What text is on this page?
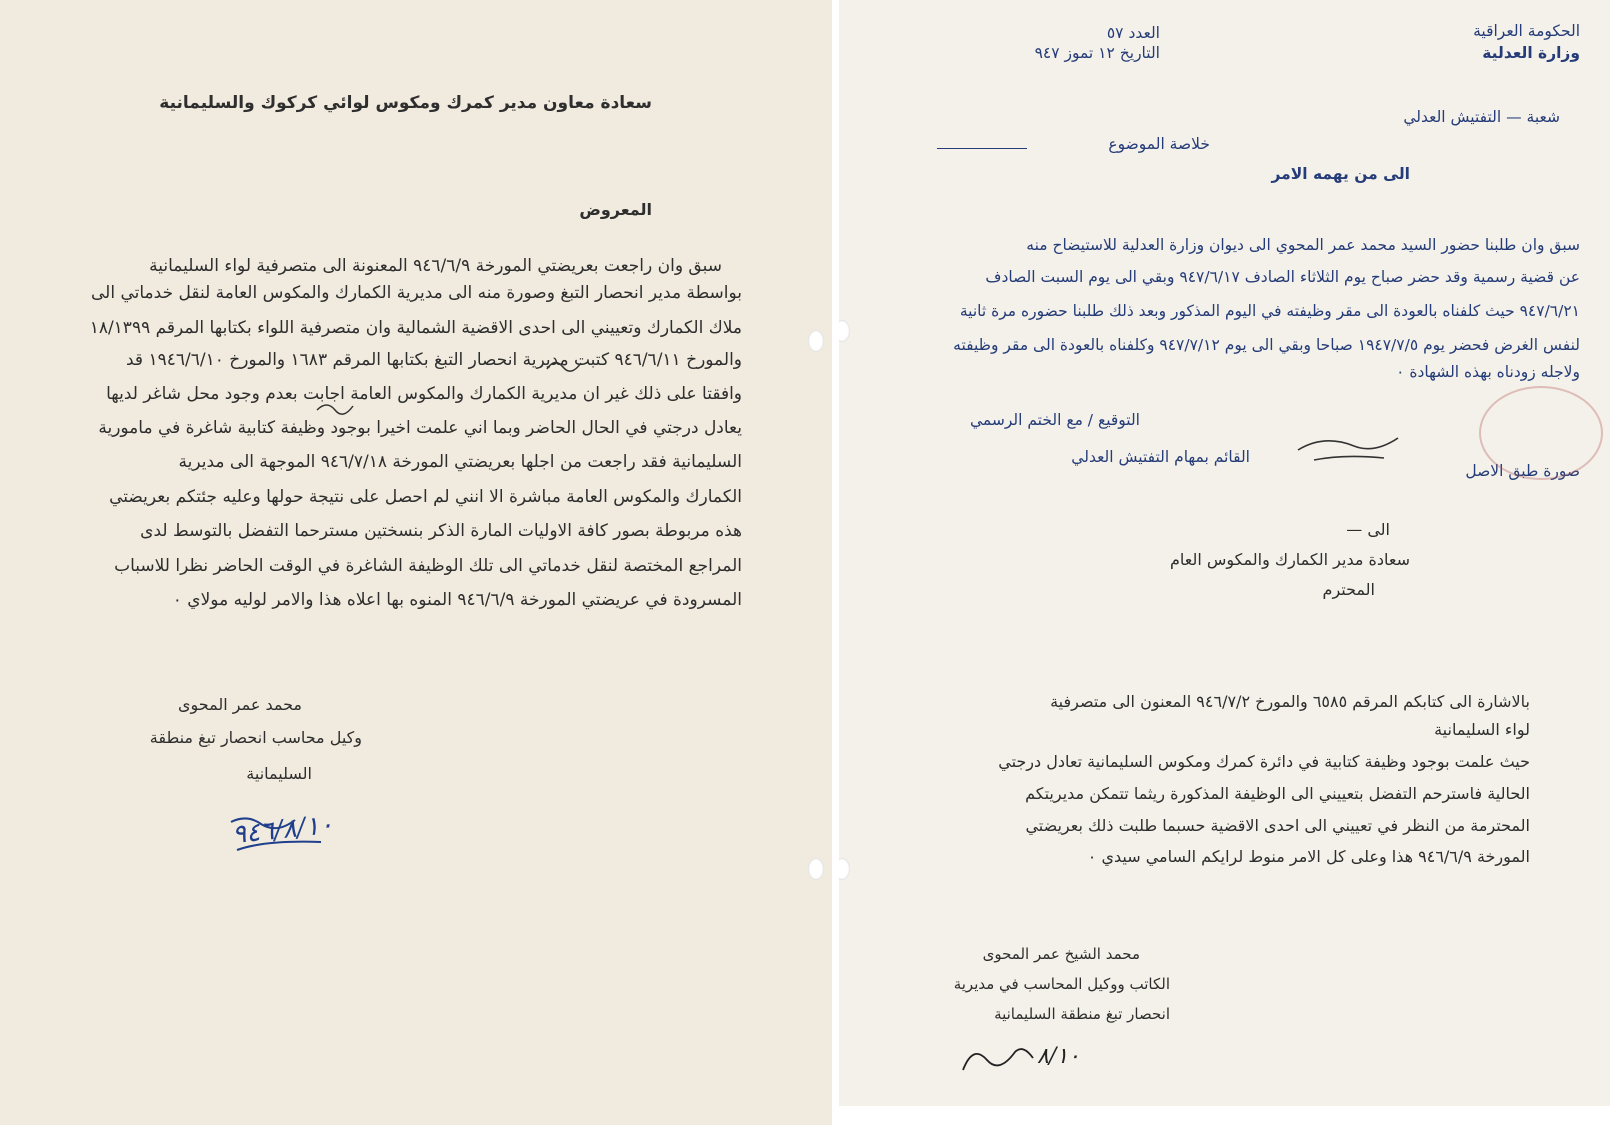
سعادة معاون مدير كمرك ومكوس لوائي كركوك والسليمانية
المعروض
سبق وان راجعت بعريضتي المورخة ٩٤٦/٦/٩ المعنونة الى متصرفية لواء السليمانية
بواسطة مدير انحصار التبغ وصورة منه الى مديرية الكمارك والمكوس العامة لنقل خدماتي الى
ملاك الكمارك وتعييني الى احدى الاقضية الشمالية وان متصرفية اللواء بكتابها المرقم ١٨/١٣٩٩
والمورخ ٩٤٦/٦/١١ كتبت مديرية انحصار التبغ بكتابها المرقم ١٦٨٣ والمورخ ١٩٤٦/٦/١٠ قد
وافقتا على ذلك غير ان مديرية الكمارك والمكوس العامة اجابت بعدم وجود محل شاغر لديها
يعادل درجتي في الحال الحاضر وبما اني علمت اخيرا بوجود وظيفة كتابية شاغرة في مامورية
السليمانية فقد راجعت من اجلها بعريضتي المورخة ٩٤٦/٧/١٨ الموجهة الى مديرية
الكمارك والمكوس العامة مباشرة الا انني لم احصل على نتيجة حولها وعليه جئتكم بعريضتي
هذه مربوطة بصور كافة الاوليات المارة الذكر بنسختين مسترحما التفضل بالتوسط لدى
المراجع المختصة لنقل خدماتي الى تلك الوظيفة الشاغرة في الوقت الحاضر نظرا للاسباب
المسرودة في عريضتي المورخة ٩٤٦/٦/٩ المنوه بها اعلاه هذا والامر لوليه مولاي ٠
محمد عمر المحوى
وكيل محاسب انحصار تبغ منطقة
السليمانية
٩٤٦/٨/١٠
الحكومة العراقية
وزارة العدلية
العدد ٥٧
التاريخ ١٢ تموز ٩٤٧
شعبة — التفتيش العدلي
خلاصة الموضوع
الى من يهمه الامر
سبق وان طلبنا حضور السيد محمد عمر المحوي الى ديوان وزارة العدلية للاستيضاح منه
عن قضية رسمية وقد حضر صباح يوم الثلاثاء الصادف ٩٤٧/٦/١٧ وبقي الى يوم السبت الصادف
٩٤٧/٦/٢١ حيث كلفناه بالعودة الى مقر وظيفته في اليوم المذكور وبعد ذلك طلبنا حضوره مرة ثانية
لنفس الغرض فحضر يوم ١٩٤٧/٧/٥ صباحا وبقي الى يوم ٩٤٧/٧/١٢ وكلفناه بالعودة الى مقر وظيفته
ولاجله زودناه بهذه الشهادة ٠
التوقيع / مع الختم الرسمي
القائم بمهام التفتيش العدلي
صورة طبق الاصل
الى —
سعادة مدير الكمارك والمكوس العام
المحترم
بالاشارة الى كتابكم المرقم ٦٥٨٥ والمورخ ٩٤٦/٧/٢ المعنون الى متصرفية
لواء السليمانية
حيث علمت بوجود وظيفة كتابية في دائرة كمرك ومكوس السليمانية تعادل درجتي
الحالية فاسترحم التفضل بتعييني الى الوظيفة المذكورة ريثما تتمكن مديريتكم
المحترمة من النظر في تعييني الى احدى الاقضية حسبما طلبت ذلك بعريضتي
المورخة ٩٤٦/٦/٩ هذا وعلى كل الامر منوط لرايكم السامي سيدي ٠
محمد الشيخ عمر المحوى
الكاتب ووكيل المحاسب في مديرية
انحصار تبغ منطقة السليمانية
٨/١٠
